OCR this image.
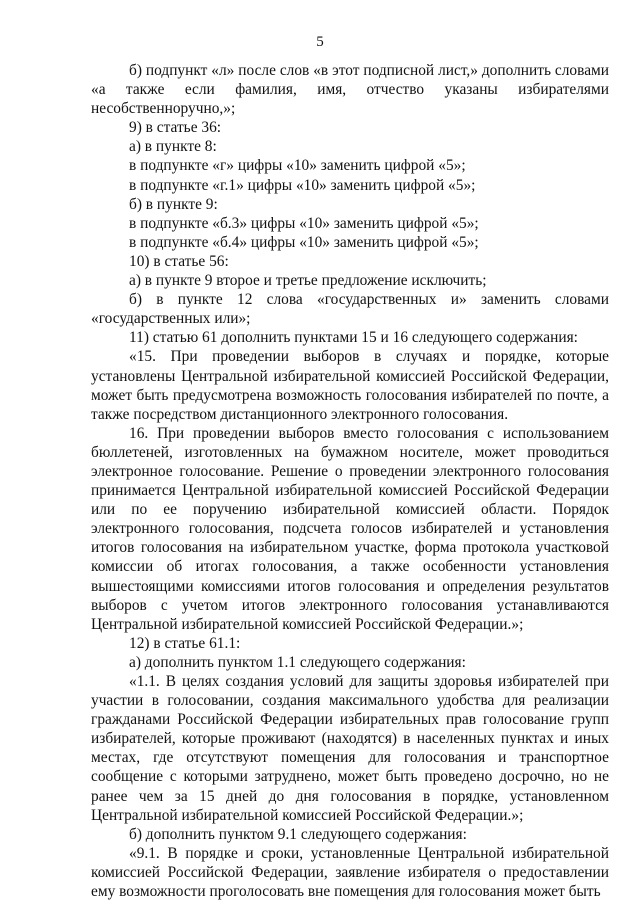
5

б) подпункт «л» после слов «в этот подписной лист,» дополнить словами «а также если фамилия, имя, отчество указаны избирателями несобственноручно,»;

9) в статье 36:

а) в пункте 8:

в подпункте «г» цифры «10» заменить цифрой «5»;

в подпункте «г.1» цифры «10» заменить цифрой «5»;

б) в пункте 9:

в подпункте «б.3» цифры «10» заменить цифрой «5»;

в подпункте «б.4» цифры «10» заменить цифрой «5»;

10) в статье 56:

а) в пункте 9 второе и третье предложение исключить;

б) в пункте 12 слова «государственных и» заменить словами «государственных или»;

11) статью 61 дополнить пунктами 15 и 16 следующего содержания:

«15. При проведении выборов в случаях и порядке, которые установлены Центральной избирательной комиссией Российской Федерации, может быть предусмотрена возможность голосования избирателей по почте, а также посредством дистанционного электронного голосования.

16. При проведении выборов вместо голосования с использованием бюллетеней, изготовленных на бумажном носителе, может проводиться электронное голосование. Решение о проведении электронного голосования принимается Центральной избирательной комиссией Российской Федерации или по ее поручению избирательной комиссией области. Порядок электронного голосования, подсчета голосов избирателей и установления итогов голосования на избирательном участке, форма протокола участковой комиссии об итогах голосования, а также особенности установления вышестоящими комиссиями итогов голосования и определения результатов выборов с учетом итогов электронного голосования устанавливаются Центральной избирательной комиссией Российской Федерации.»;

12) в статье 61.1:

а) дополнить пунктом 1.1 следующего содержания:

«1.1. В целях создания условий для защиты здоровья избирателей при участии в голосовании, создания максимального удобства для реализации гражданами Российской Федерации избирательных прав голосование групп избирателей, которые проживают (находятся) в населенных пунктах и иных местах, где отсутствуют помещения для голосования и транспортное сообщение с которыми затруднено, может быть проведено досрочно, но не ранее чем за 15 дней до дня голосования в порядке, установленном Центральной избирательной комиссией Российской Федерации.»;

б) дополнить пунктом 9.1 следующего содержания:

«9.1. В порядке и сроки, установленные Центральной избирательной комиссией Российской Федерации, заявление избирателя о предоставлении ему возможности проголосовать вне помещения для голосования может быть
